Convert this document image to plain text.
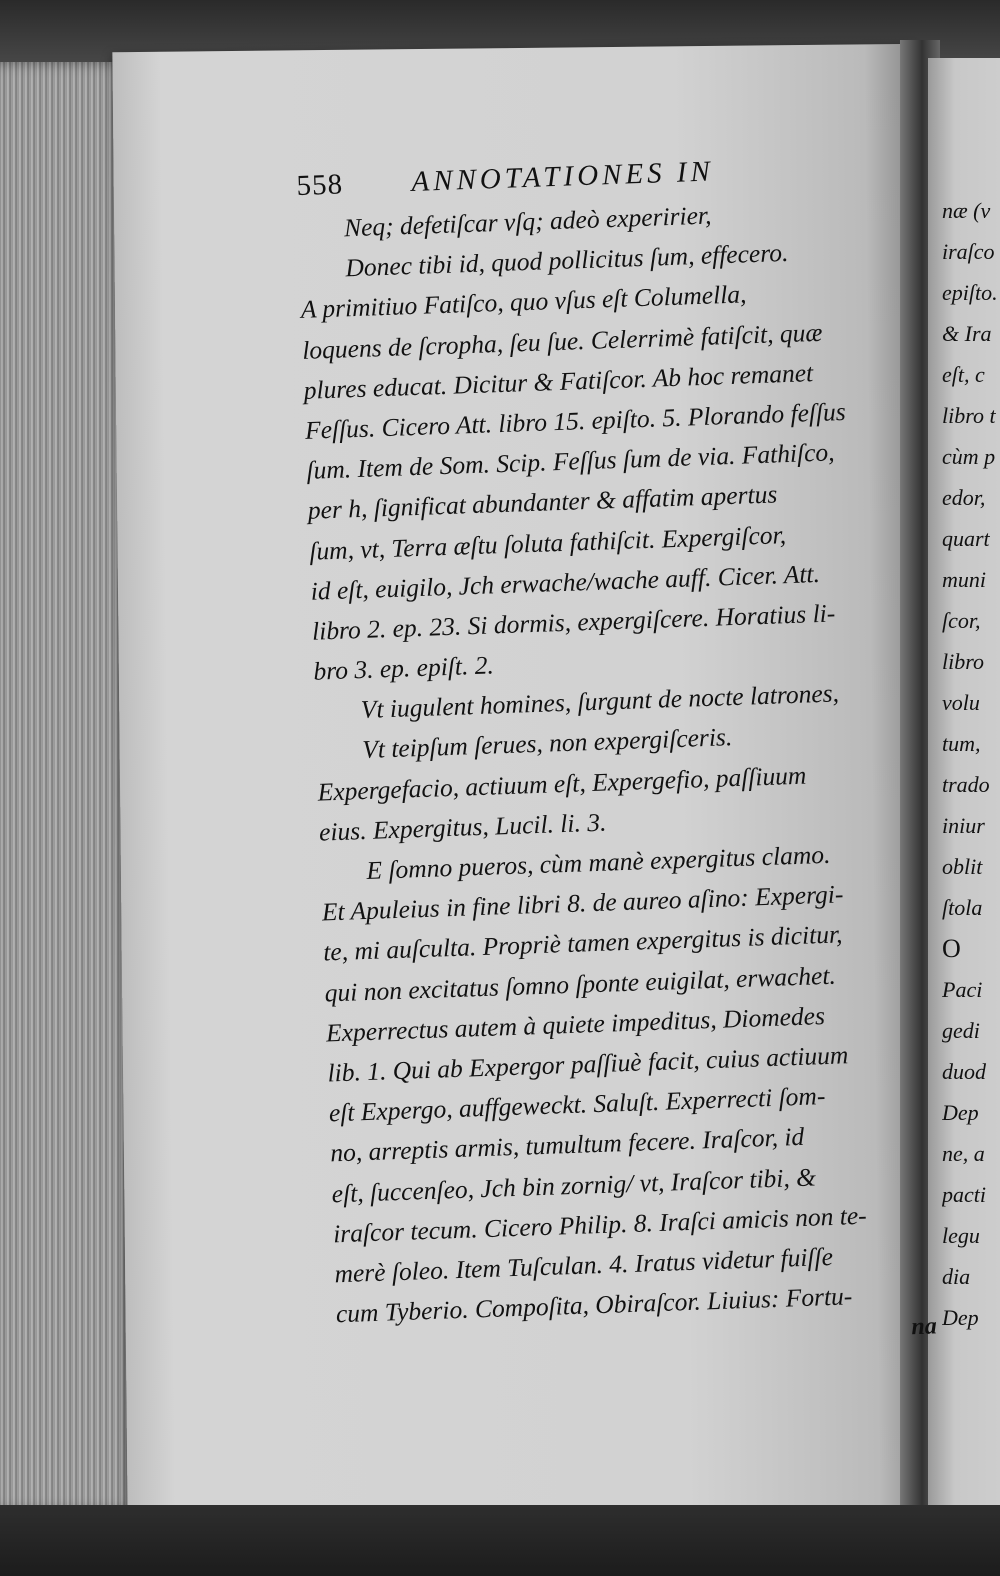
558	ANNOTATIONES IN
Neq; defetiſcar vſq; adeò experirier,
Donec tibi id, quod pollicitus ſum, effecero.
A primitiuo Fatiſco, quo vſus eſt Columella,
loquens de ſcropha, ſeu ſue. Celerrimè fatiſcit, quæ
plures educat. Dicitur & Fatiſcor. Ab hoc remanet
Feſſus. Cicero Att. libro 15. epiſto. 5. Plorando feſſus
ſum. Item de Som. Scip. Feſſus ſum de via. Fathiſco,
per h, ſignificat abundanter & affatim apertus
ſum, vt, Terra æſtu ſoluta fathiſcit. Expergiſcor,
id eſt, euigilo, Jch erwache/wache auff. Cicer. Att.
libro 2. ep. 23. Si dormis, expergiſcere. Horatius li-
bro 3. ep. epiſt. 2.
Vt iugulent homines, ſurgunt de nocte latrones,
Vt teipſum ſerues, non expergiſceris.
Expergefacio, actiuum eſt, Expergefio, paſſiuum
eius. Expergitus, Lucil. li. 3.
E ſomno pueros, cùm manè expergitus clamo.
Et Apuleius in fine libri 8. de aureo aſino: Expergi-
te, mi auſculta. Propriè tamen expergitus is dicitur,
qui non excitatus ſomno ſponte euigilat, erwachet.
Experrectus autem à quiete impeditus, Diomedes
lib. 1. Qui ab Expergor paſſiuè facit, cuius actiuum
eſt Expergo, auffgeweckt. Saluſt. Experrecti ſom-
no, arreptis armis, tumultum fecere. Iraſcor, id
eſt, ſuccenſeo, Jch bin zornig/ vt, Iraſcor tibi, &
iraſcor tecum. Cicero Philip. 8. Iraſci amicis non te-
merè ſoleo. Item Tuſculan. 4. Iratus videtur fuiſſe
cum Tyberio. Compoſita, Obiraſcor. Liuius: Fortu-	na
næ (v
iraſco
epiſto.
& Ira
eſt, c
libro t
cùm p
edor,
quart
muni
ſcor,
libro
volu
tum,
trado
iniur
oblit
ſtola
O
Paci
gedi
duod
Dep
ne, a
pacti
legu
dia
Dep
